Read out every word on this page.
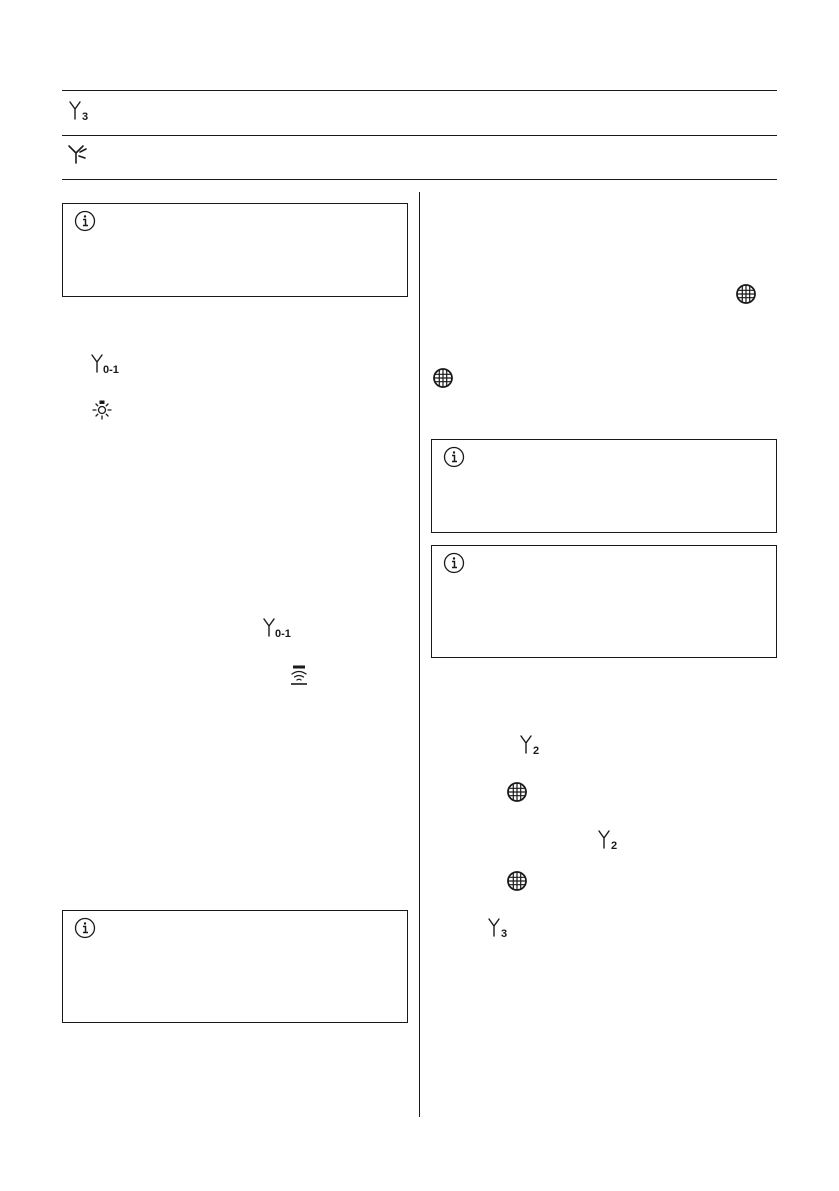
3
0-1
0-1
2
2
3
